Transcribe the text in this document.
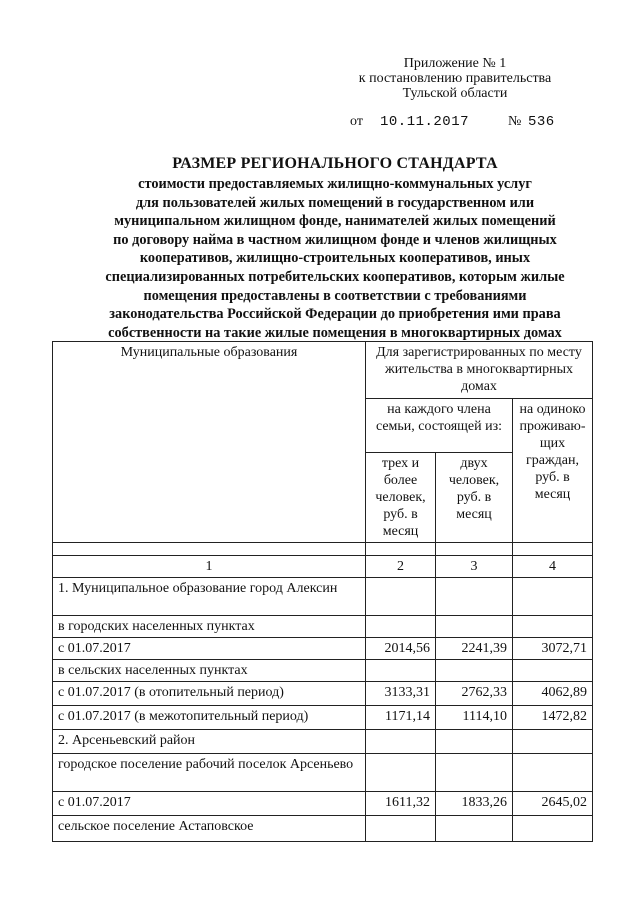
Приложение № 1
к постановлению правительства
Тульской области
от 10.11.2017	№ 536
РАЗМЕР РЕГИОНАЛЬНОГО СТАНДАРТА
стоимости предоставляемых жилищно-коммунальных услуг
для пользователей жилых помещений в государственном или
муниципальном жилищном фонде, нанимателей жилых помещений
по договору найма в частном жилищном фонде и членов жилищных
кооперативов, жилищно-строительных кооперативов, иных
специализированных потребительских кооперативов, которым жилые
помещения предоставлены в соответствии с требованиями
законодательства Российской Федерации до приобретения ими права
собственности на такие жилые помещения в многоквартирных домах
Муниципальные образования	Для зарегистрированных по месту жительства в многоквартирных домах		
	на каждого члена семьи, состоящей из:		на одиноко проживаю-щих граждан, руб. в месяц
	трех и более человек, руб. в месяц	двух человек, руб. в месяц	

1	2	3	4
1. Муниципальное образование город Алексин			
в городских населенных пунктах			
с 01.07.2017	2014,56	2241,39	3072,71
в сельских населенных пунктах			
с 01.07.2017 (в отопительный период)	3133,31	2762,33	4062,89
с 01.07.2017 (в межотопительный период)	1171,14	1114,10	1472,82
2. Арсеньевский район			
городское поселение рабочий поселок Арсеньево			
с 01.07.2017	1611,32	1833,26	2645,02
сельское поселение Астаповское			
